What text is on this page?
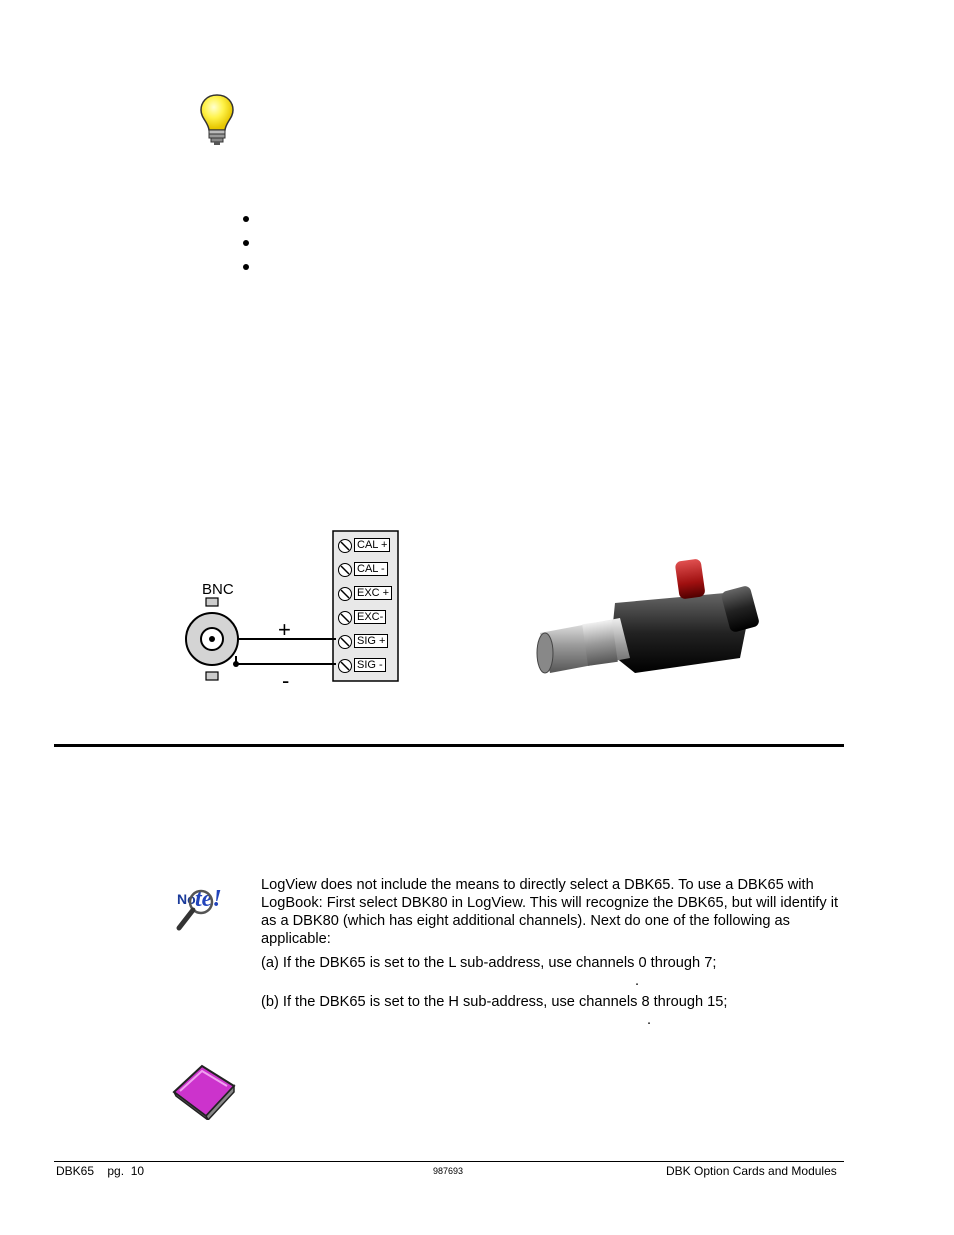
BNC
+
-
CAL +
CAL -
EXC +
EXC-
SIG +
SIG -
No te!
LogView does not include the means to directly select a DBK65. To use a DBK65 with LogBook: First select DBK80 in LogView. This will recognize the DBK65, but will identify it as a DBK80 (which has eight additional channels). Next do one of the following as applicable:
(a) If the DBK65 is set to the L sub-address, use channels 0 through 7;
.
(b) If the DBK65 is set to the H sub-address, use channels 8 through 15;
.
DBK65    pg.  10	987693	DBK Option Cards and Modules
